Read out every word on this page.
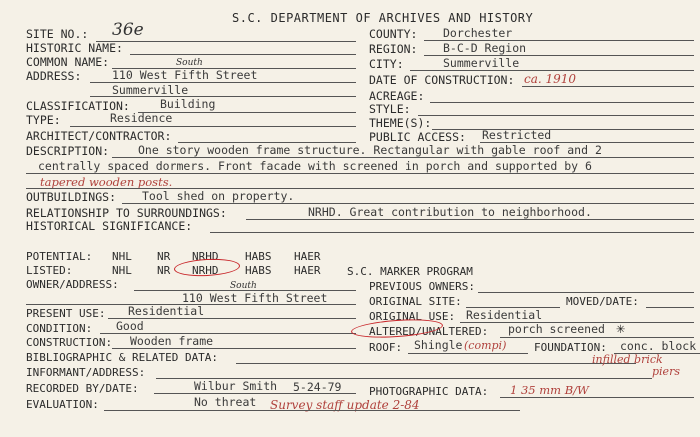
S.C. DEPARTMENT OF ARCHIVES AND HISTORY
SITE NO.: 36e
HISTORIC NAME:
COMMON NAME:	South
ADDRESS:	110 West Fifth Street
Summerville
CLASSIFICATION:	Building
TYPE:	Residence
ARCHITECT/CONTRACTOR:
COUNTY: Dorchester
REGION: B-C-D Region
CITY:	Summerville
DATE OF CONSTRUCTION: ca. 1910
ACREAGE:
STYLE:
THEME(S):
PUBLIC ACCESS: Restricted
DESCRIPTION:	One story wooden frame structure. Rectangular with gable roof and 2
centrally spaced dormers. Front facade with screened in porch and supported by 6
tapered wooden posts.
OUTBUILDINGS: Tool shed on property.
RELATIONSHIP TO SURROUNDINGS:	NRHD. Great contribution to neighborhood.
HISTORICAL SIGNIFICANCE:
POTENTIAL: NHL NR NRHD HABS HAER
LISTED:	NHL NR NRHD HABS HAER S.C. MARKER PROGRAM
OWNER/ADDRESS:	South
110 West Fifth Street
PREVIOUS OWNERS:
ORIGINAL SITE:	MOVED/DATE:
PRESENT USE: Residential	ORIGINAL USE: Residential
CONDITION: Good	ALTERED/UNALTERED: porch screened ✳
CONSTRUCTION: Wooden frame	ROOF: Shingle (compi)	FOUNDATION: conc. block
BIBLIOGRAPHIC & RELATED DATA:	infilled brick
piers
INFORMANT/ADDRESS:
RECORDED BY/DATE:	Wilbur Smith 5-24-79	PHOTOGRAPHIC DATA: 1 35 mm B/W
EVALUATION:	No threat Survey staff update 2-84
